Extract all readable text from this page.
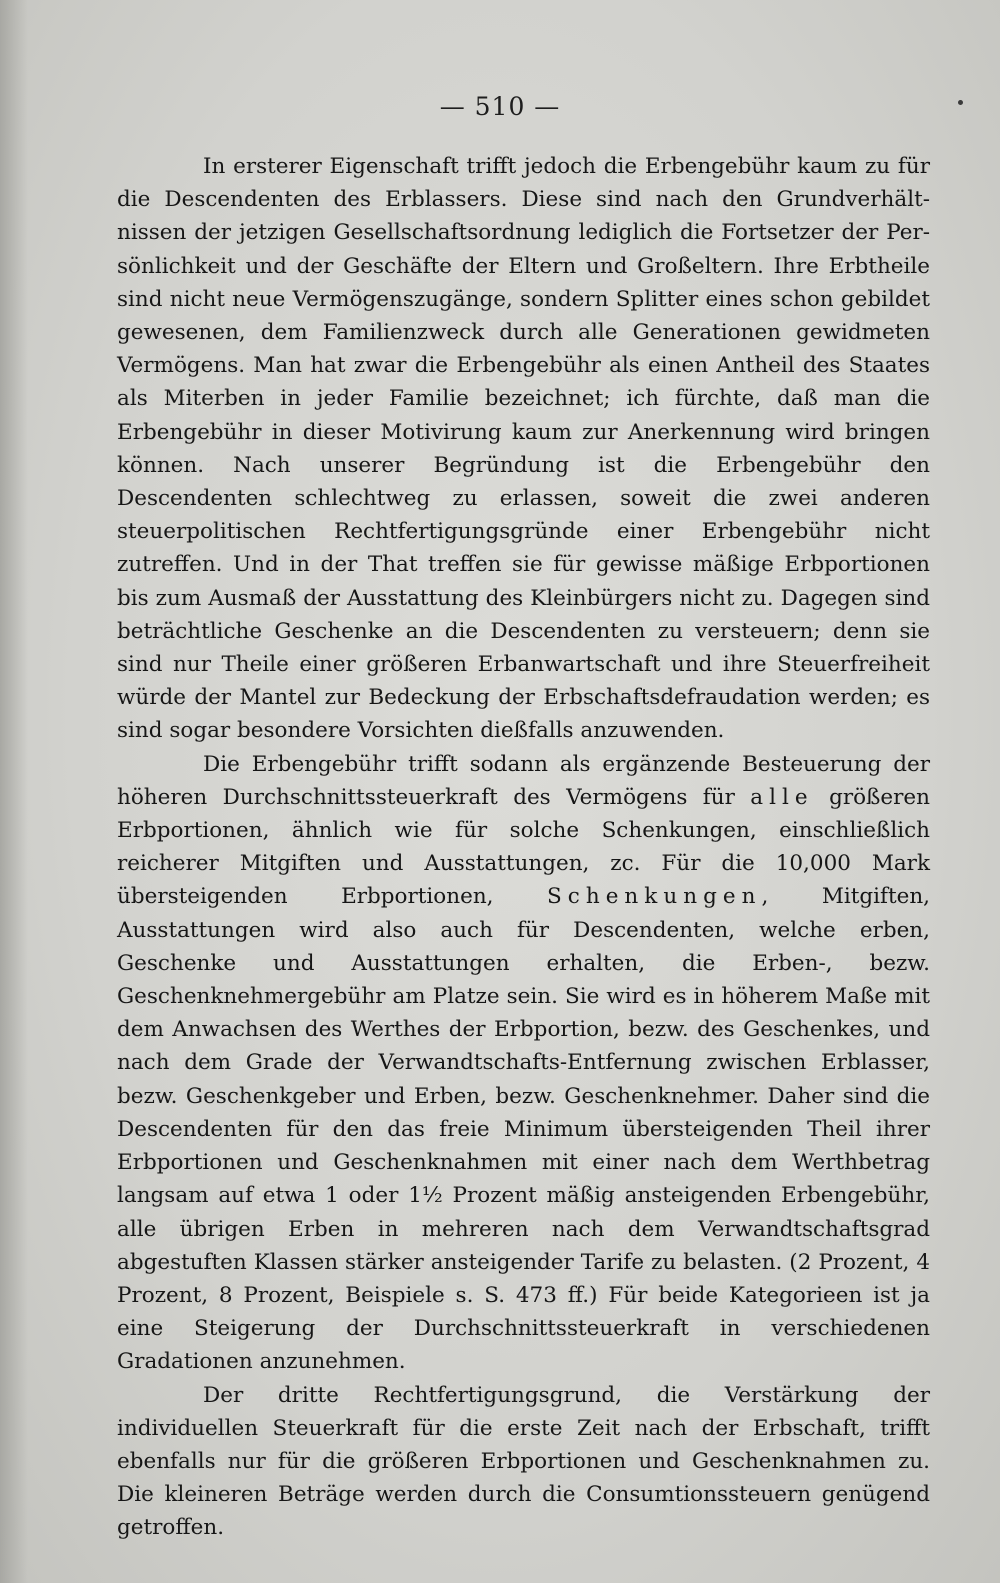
— 510 —

In ersterer Eigenschaft trifft jedoch die Erbengebühr kaum zu für die Descendenten des Erblassers. Diese sind nach den Grundverhältnissen der jetzigen Gesellschaftsordnung lediglich die Fortsetzer der Persönlichkeit und der Geschäfte der Eltern und Großeltern. Ihre Erbtheile sind nicht neue Vermögenszugänge, sondern Splitter eines schon gebildet gewesenen, dem Familienzweck durch alle Generationen gewidmeten Vermögens. Man hat zwar die Erbengebühr als einen Antheil des Staates als Miterben in jeder Familie bezeichnet; ich fürchte, daß man die Erbengebühr in dieser Motivirung kaum zur Anerkennung wird bringen können. Nach unserer Begründung ist die Erbengebühr den Descendenten schlechtweg zu erlassen, soweit die zwei anderen steuerpolitischen Rechtfertigungsgründe einer Erbengebühr nicht zutreffen. Und in der That treffen sie für gewisse mäßige Erbportionen bis zum Ausmaß der Ausstattung des Kleinbürgers nicht zu. Dagegen sind beträchtliche Geschenke an die Descendenten zu versteuern; denn sie sind nur Theile einer größeren Erbanwartschaft und ihre Steuerfreiheit würde der Mantel zur Bedeckung der Erbschaftsdefraudation werden; es sind sogar besondere Vorsichten dießfalls anzuwenden.

Die Erbengebühr trifft sodann als ergänzende Besteuerung der höheren Durchschnittssteuerkraft des Vermögens für alle größeren Erbportionen, ähnlich wie für solche Schenkungen, einschließlich reicherer Mitgiften und Ausstattungen, zc. Für die 10,000 Mark übersteigenden Erbportionen, Schenkungen, Mitgiften, Ausstattungen wird also auch für Descendenten, welche erben, Geschenke und Ausstattungen erhalten, die Erben-, bezw. Geschenknehmergebühr am Platze sein. Sie wird es in höherem Maße mit dem Anwachsen des Werthes der Erbportion, bezw. des Geschenkes, und nach dem Grade der Verwandtschafts-Entfernung zwischen Erblasser, bezw. Geschenkgeber und Erben, bezw. Geschenknehmer. Daher sind die Descendenten für den das freie Minimum übersteigenden Theil ihrer Erbportionen und Geschenknahmen mit einer nach dem Werthbetrag langsam auf etwa 1 oder 1½ Prozent mäßig ansteigenden Erbengebühr, alle übrigen Erben in mehreren nach dem Verwandtschaftsgrad abgestuften Klassen stärker ansteigender Tarife zu belasten. (2 Prozent, 4 Prozent, 8 Prozent, Beispiele s. S. 473 ff.) Für beide Kategorieen ist ja eine Steigerung der Durchschnittssteuerkraft in verschiedenen Gradationen anzunehmen.

Der dritte Rechtfertigungsgrund, die Verstärkung der individuellen Steuerkraft für die erste Zeit nach der Erbschaft, trifft ebenfalls nur für die größeren Erbportionen und Geschenknahmen zu. Die kleineren Beträge werden durch die Consumtionssteuern genügend getroffen.
